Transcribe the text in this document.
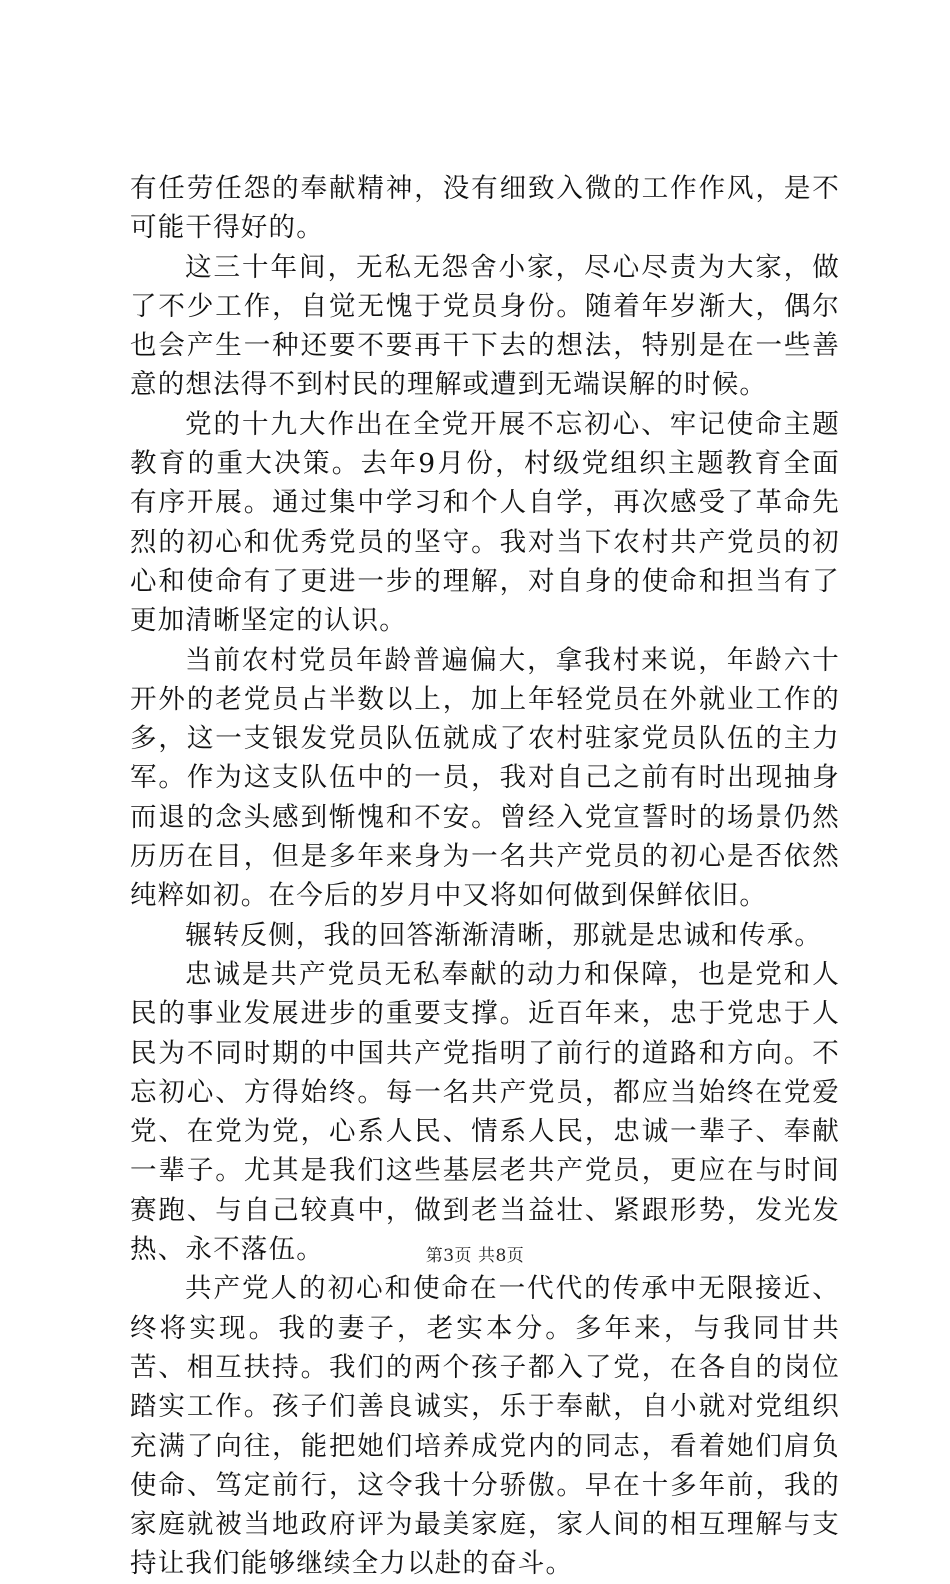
有任劳任怨的奉献精神，没有细致入微的工作作风，是不可能干得好的。

这三十年间，无私无怨舍小家，尽心尽责为大家，做了不少工作，自觉无愧于党员身份。随着年岁渐大，偶尔也会产生一种还要不要再干下去的想法，特别是在一些善意的想法得不到村民的理解或遭到无端误解的时候。

党的十九大作出在全党开展不忘初心、牢记使命主题教育的重大决策。去年9月份，村级党组织主题教育全面有序开展。通过集中学习和个人自学，再次感受了革命先烈的初心和优秀党员的坚守。我对当下农村共产党员的初心和使命有了更进一步的理解，对自身的使命和担当有了更加清晰坚定的认识。

当前农村党员年龄普遍偏大，拿我村来说，年龄六十开外的老党员占半数以上，加上年轻党员在外就业工作的多，这一支银发党员队伍就成了农村驻家党员队伍的主力军。作为这支队伍中的一员，我对自己之前有时出现抽身而退的念头感到惭愧和不安。曾经入党宣誓时的场景仍然历历在目，但是多年来身为一名共产党员的初心是否依然纯粹如初。在今后的岁月中又将如何做到保鲜依旧。

辗转反侧，我的回答渐渐清晰，那就是忠诚和传承。

忠诚是共产党员无私奉献的动力和保障，也是党和人民的事业发展进步的重要支撑。近百年来，忠于党忠于人民为不同时期的中国共产党指明了前行的道路和方向。不忘初心、方得始终。每一名共产党员，都应当始终在党爱党、在党为党，心系人民、情系人民，忠诚一辈子、奉献一辈子。尤其是我们这些基层老共产党员，更应在与时间赛跑、与自己较真中，做到老当益壮、紧跟形势，发光发热、永不落伍。

共产党人的初心和使命在一代代的传承中无限接近、终将实现。我的妻子，老实本分。多年来，与我同甘共苦、相互扶持。我们的两个孩子都入了党，在各自的岗位踏实工作。孩子们善良诚实，乐于奉献，自小就对党组织充满了向往，能把她们培养成党内的同志，看着她们肩负使命、笃定前行，这令我十分骄傲。早在十多年前，我的家庭就被当地政府评为最美家庭，家人间的相互理解与支持让我们能够继续全力以赴的奋斗。

第3页 共8页
